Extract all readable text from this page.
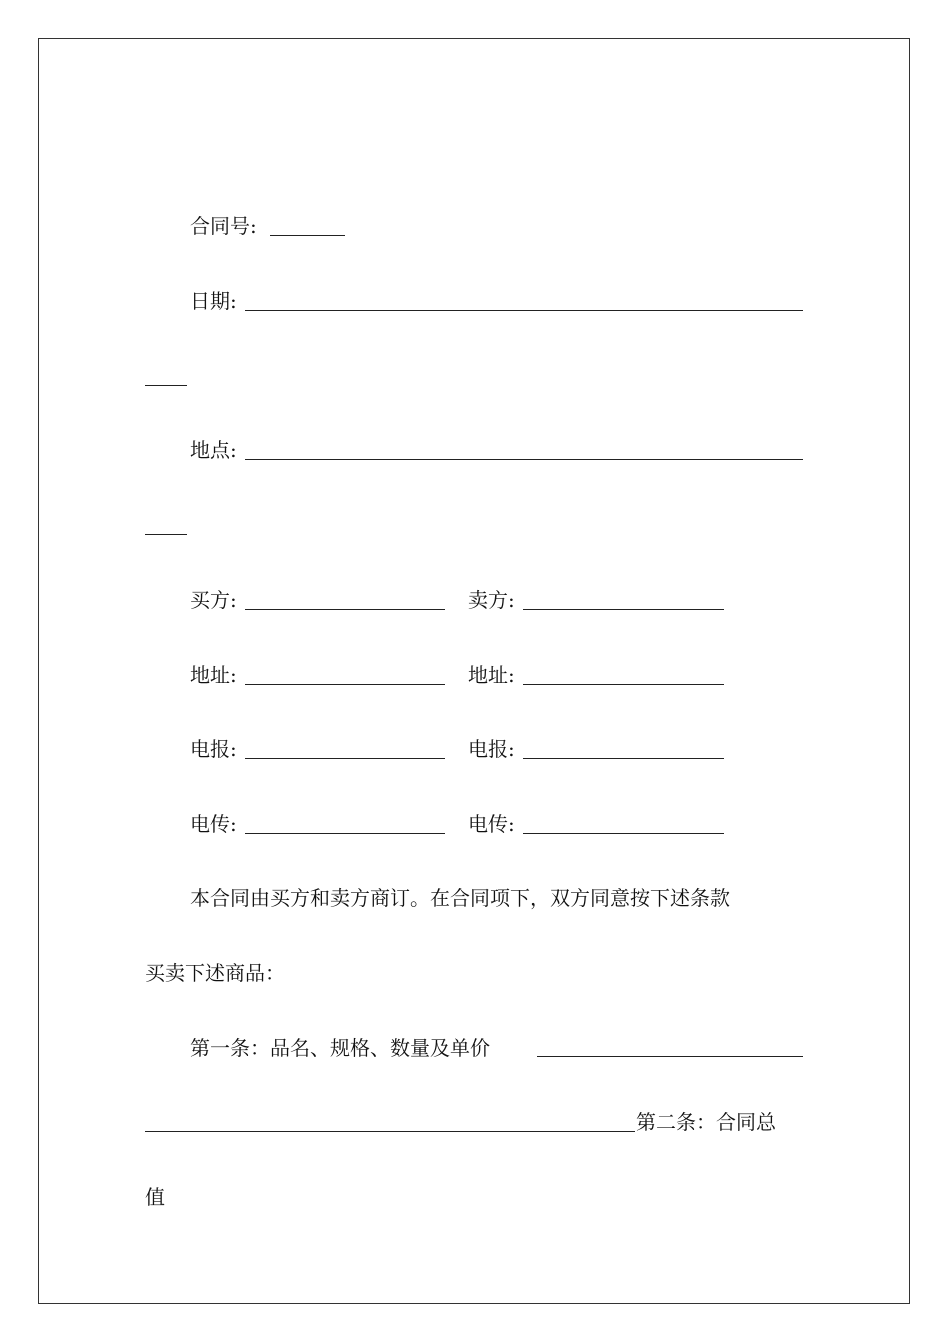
合同号:
日期:
地点:
买方:	卖方:
地址:	地址:
电报:	电报:
电传:	电传:
本合同由买方和卖方商订。在合同项下，双方同意按下述条款
买卖下述商品：
第一条：品名、规格、数量及单价
第二条：合同总
值
